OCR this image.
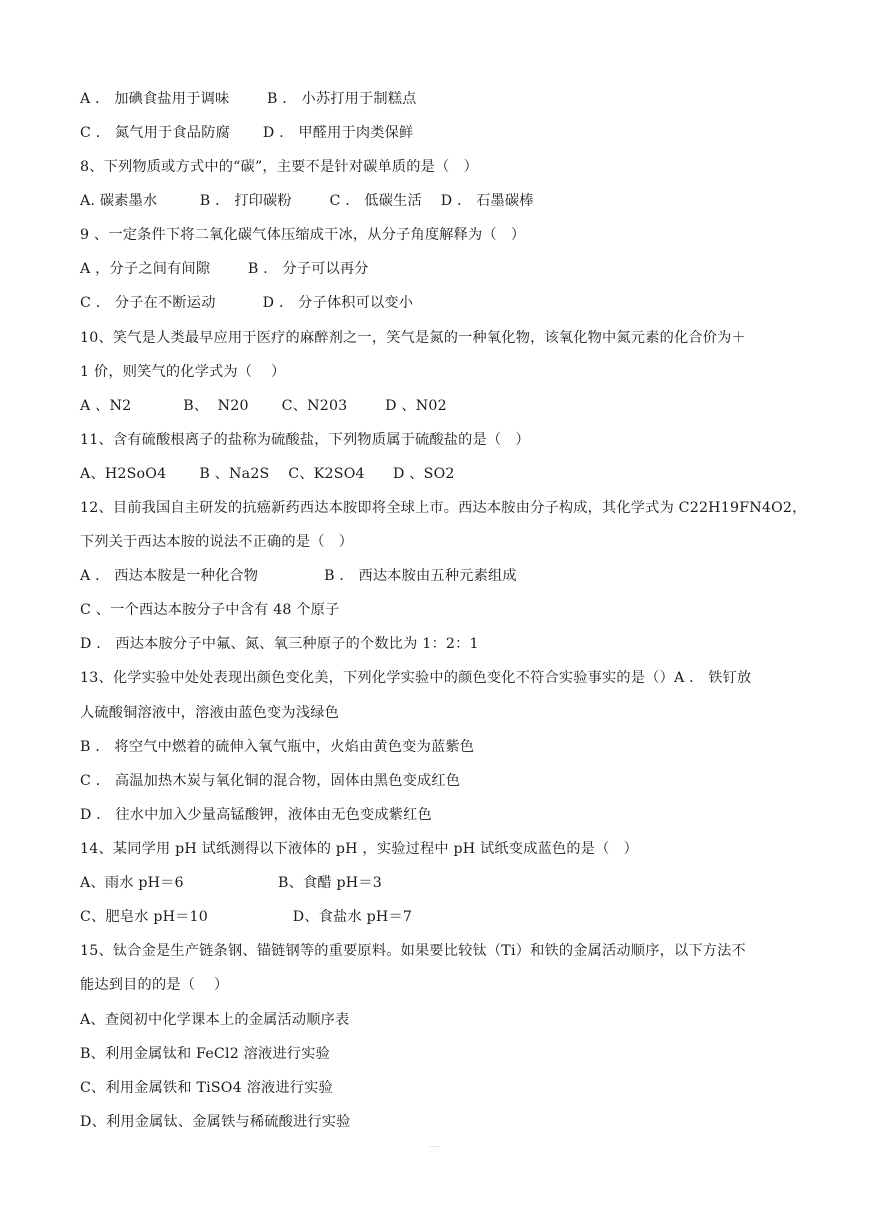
A ． 加碘食盐用于调味        B ． 小苏打用于制糕点
C ． 氮气用于食品防腐       D ． 甲醛用于肉类保鲜
8、下列物质或方式中的“碳”，主要不是针对碳单质的是（   ）
A. 碳素墨水         B ． 打印碳粉        C ． 低碳生活    D ． 石墨碳棒
9 、一定条件下将二氧化碳气体压缩成干冰，从分子角度解释为（   ）
A ，分子之间有间隙        B ． 分子可以再分
C ． 分子在不断运动          D ． 分子体积可以变小
10、笑气是人类最早应用于医疗的麻醉剂之一，笑气是氮的一种氧化物，该氧化物中氮元素的化合价为＋
1 价，则笑气的化学式为（    ）
A 、N2           B、  N20       C、N203        D 、N02
11、含有硫酸根离子的盐称为硫酸盐，下列物质属于硫酸盐的是（   ）
A、H2SoO4       B 、Na2S    C、K2SO4      D 、SO2
12、目前我国自主研发的抗癌新药西达本胺即将全球上市。西达本胺由分子构成，其化学式为 C22H19FN4O2，
下列关于西达本胺的说法不正确的是（   ）
A ． 西达本胺是一种化合物              B ． 西达本胺由五种元素组成
C 、一个西达本胺分子中含有 48 个原子
D ． 西达本胺分子中氟、氮、氧三种原子的个数比为 1：2：1
13、化学实验中处处表现出颜色变化美，下列化学实验中的颜色变化不符合实验事实的是（）A ． 铁钉放
人硫酸铜溶液中，溶液由蓝色变为浅绿色
B ． 将空气中燃着的硫伸入氧气瓶中，火焰由黄色变为蓝紫色
C ． 高温加热木炭与氧化铜的混合物，固体由黑色变成红色
D ． 往水中加入少量高锰酸钾，液体由无色变成紫红色
14、某同学用 pH 试纸测得以下液体的 pH ，实验过程中 pH 试纸变成蓝色的是（   ）
A、雨水 pH＝6                    B、食醋 pH＝3
C、肥皂水 pH＝10                  D、食盐水 pH＝7
15、钛合金是生产链条钢、锚链钢等的重要原料。如果要比较钛（Ti）和铁的金属活动顺序，以下方法不
能达到目的的是（    ）
A、查阅初中化学课本上的金属活动顺序表
B、利用金属钛和 FeCl2 溶液进行实验
C、利用金属铁和 TiSO4 溶液进行实验
D、利用金属钛、金属铁与稀硫酸进行实验
·····
